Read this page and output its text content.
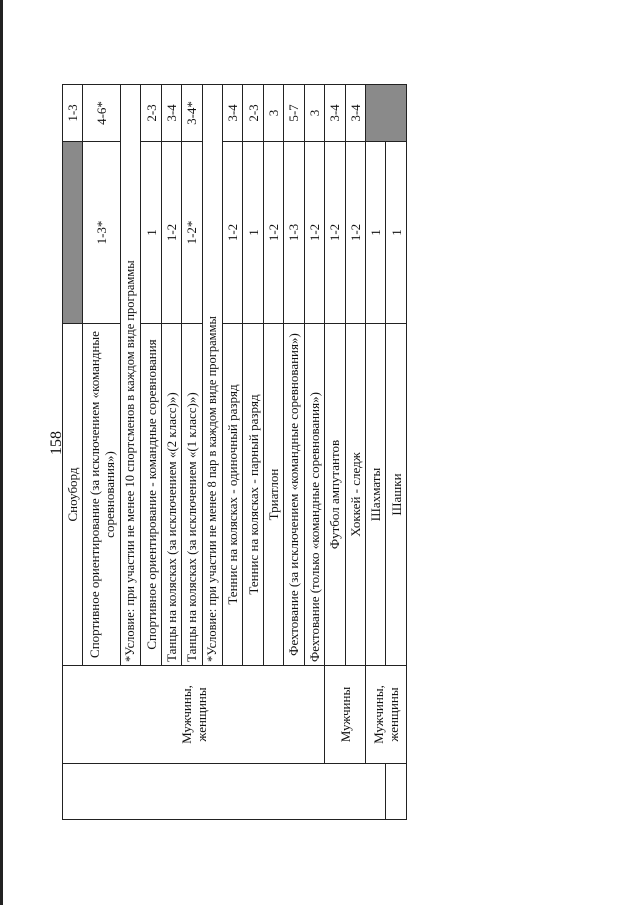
158
	Мужчины, женщины	Сноуборд		1-3
		Спортивное ориентирование (за исключением «командные соревнования»)	1-3*	4-6*
		*Условие: при участии не менее 10 спортсменов в каждом виде программы		
		Спортивное ориентирование - командные соревнования	1	2-3
		Танцы на колясках (за исключением «(2 класс)»)	1-2	3-4
		Танцы на колясках (за исключением «(1 класс)»)	1-2*	3-4*
		*Условие: при участии не менее 8 пар в каждом виде программы		
		Теннис на колясках - одиночный разряд	1-2	3-4
		Теннис на колясках - парный разряд	1	2-3
		Триатлон	1-2	3
		Фехтование (за исключением «командные соревнования»)	1-3	5-7
		Фехтование (только «командные соревнования»)	1-2	3
	Мужчины	Футбол ампутантов	1-2	3-4
		Хоккей - следж	1-2	3-4
	Мужчины, женщины	Шахматы	1	
		Шашки	1	
